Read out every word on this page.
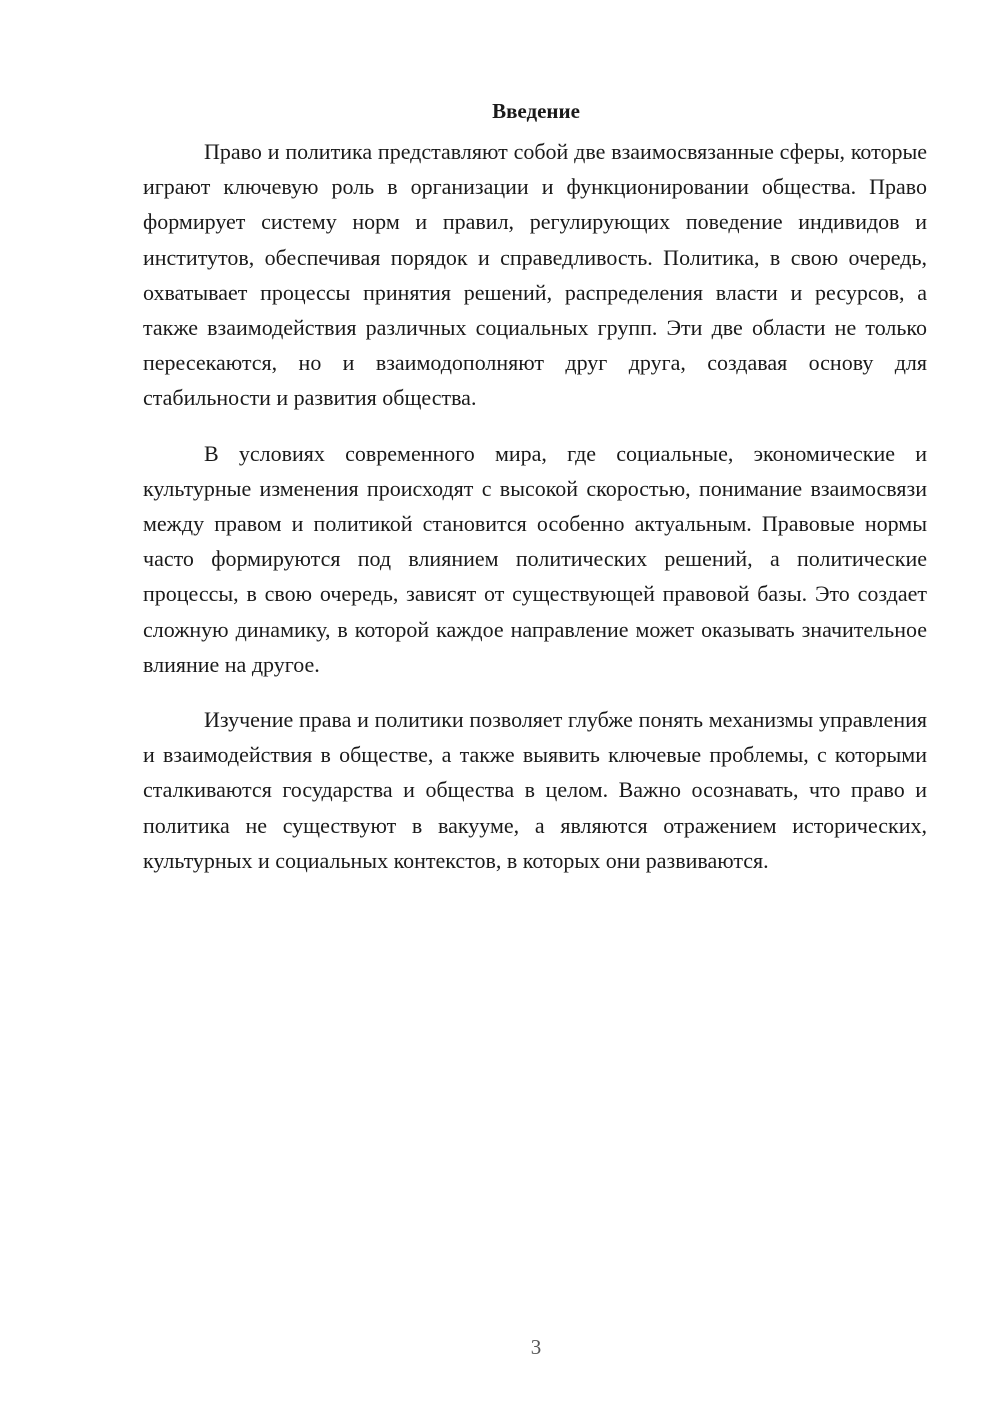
Введение

Право и политика представляют собой две взаимосвязанные сферы, которые играют ключевую роль в организации и функционировании общества. Право формирует систему норм и правил, регулирующих поведение индивидов и институтов, обеспечивая порядок и справедливость. Политика, в свою очередь, охватывает процессы принятия решений, распределения власти и ресурсов, а также взаимодействия различных социальных групп. Эти две области не только пересекаются, но и взаимодополняют друг друга, создавая основу для стабильности и развития общества.

В условиях современного мира, где социальные, экономические и культурные изменения происходят с высокой скоростью, понимание взаимосвязи между правом и политикой становится особенно актуальным. Правовые нормы часто формируются под влиянием политических решений, а политические процессы, в свою очередь, зависят от существующей правовой базы. Это создает сложную динамику, в которой каждое направление может оказывать значительное влияние на другое.

Изучение права и политики позволяет глубже понять механизмы управления и взаимодействия в обществе, а также выявить ключевые проблемы, с которыми сталкиваются государства и общества в целом. Важно осознавать, что право и политика не существуют в вакууме, а являются отражением исторических, культурных и социальных контекстов, в которых они развиваются.

3
